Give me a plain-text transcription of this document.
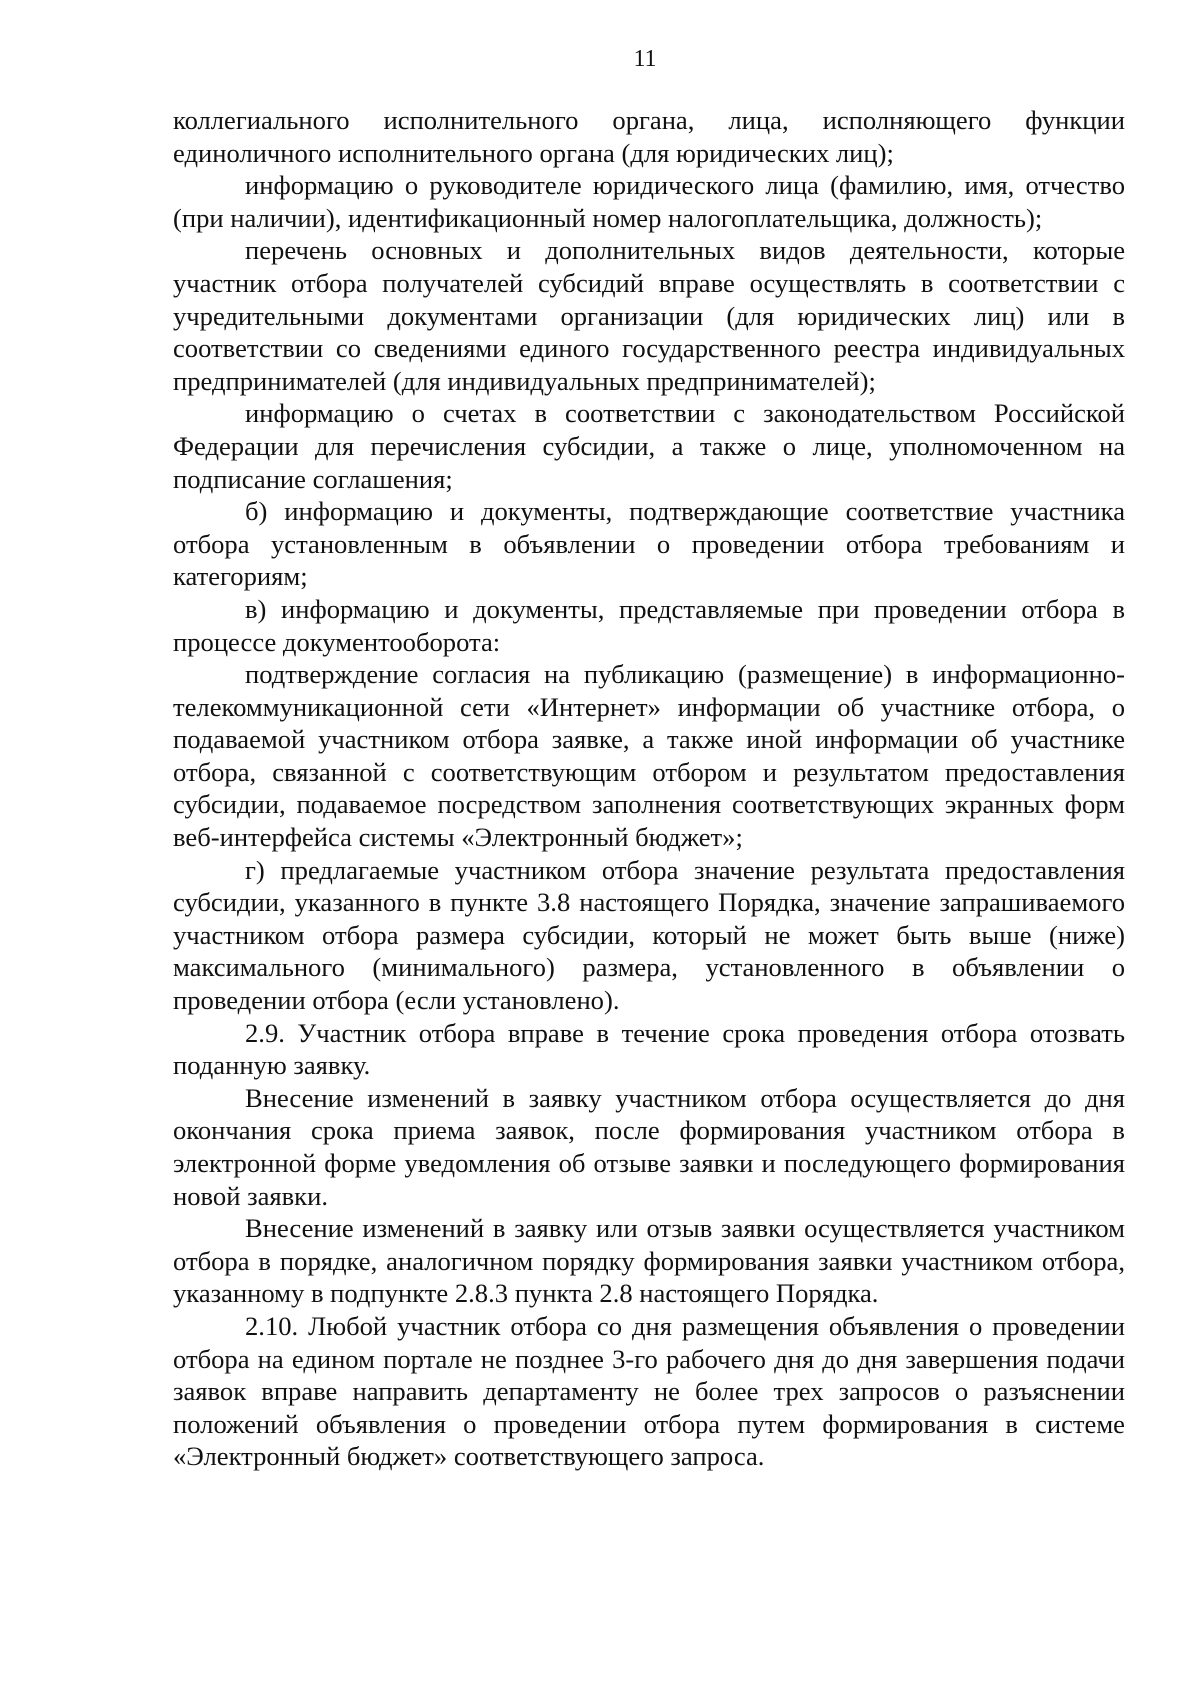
11

коллегиального исполнительного органа, лица, исполняющего функции единоличного исполнительного органа (для юридических лиц);

информацию о руководителе юридического лица (фамилию, имя, отчество (при наличии), идентификационный номер налогоплательщика, должность);

перечень основных и дополнительных видов деятельности, которые участник отбора получателей субсидий вправе осуществлять в соответствии с учредительными документами организации (для юридических лиц) или в соответствии со сведениями единого государственного реестра индивидуальных предпринимателей (для индивидуальных предпринимателей);

информацию о счетах в соответствии с законодательством Российской Федерации для перечисления субсидии, а также о лице, уполномоченном на подписание соглашения;

б) информацию и документы, подтверждающие соответствие участника отбора установленным в объявлении о проведении отбора требованиям и категориям;

в) информацию и документы, представляемые при проведении отбора в процессе документооборота:

подтверждение согласия на публикацию (размещение) в информационно-телекоммуникационной сети «Интернет» информации об участнике отбора, о подаваемой участником отбора заявке, а также иной информации об участнике отбора, связанной с соответствующим отбором и результатом предоставления субсидии, подаваемое посредством заполнения соответствующих экранных форм веб-интерфейса системы «Электронный бюджет»;

г) предлагаемые участником отбора значение результата предоставления субсидии, указанного в пункте 3.8 настоящего Порядка, значение запрашиваемого участником отбора размера субсидии, который не может быть выше (ниже) максимального (минимального) размера, установленного в объявлении о проведении отбора (если установлено).

2.9. Участник отбора вправе в течение срока проведения отбора отозвать поданную заявку.

Внесение изменений в заявку участником отбора осуществляется до дня окончания срока приема заявок, после формирования участником отбора в электронной форме уведомления об отзыве заявки и последующего формирования новой заявки.

Внесение изменений в заявку или отзыв заявки осуществляется участником отбора в порядке, аналогичном порядку формирования заявки участником отбора, указанному в подпункте 2.8.3 пункта 2.8 настоящего Порядка.

2.10. Любой участник отбора со дня размещения объявления о проведении отбора на едином портале не позднее 3-го рабочего дня до дня завершения подачи заявок вправе направить департаменту не более трех запросов о разъяснении положений объявления о проведении отбора путем формирования в системе «Электронный бюджет» соответствующего запроса.
